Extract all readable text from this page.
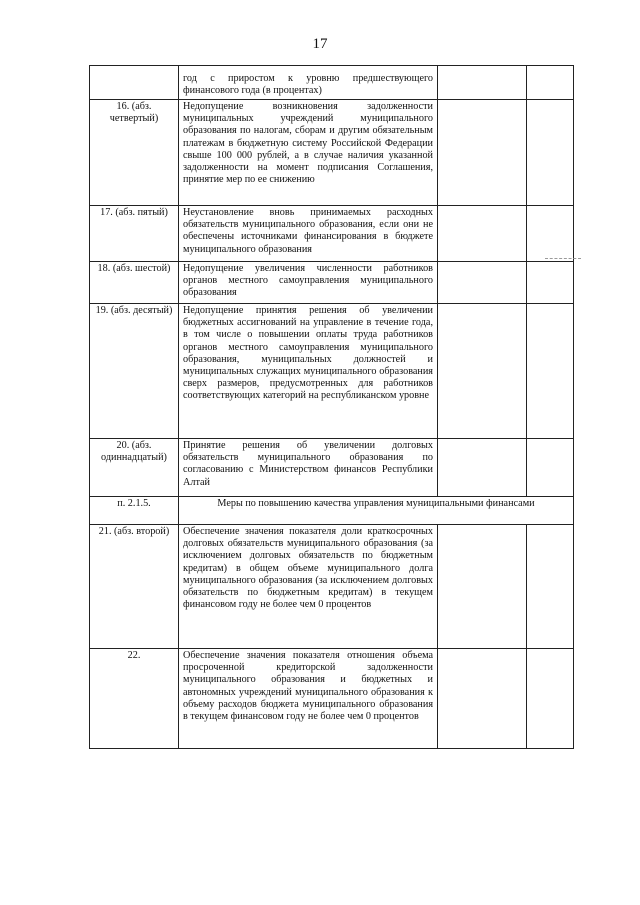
17

	год с приростом к уровню предшествующего финансового года (в процентах)		

16. (абз. четвертый)	Недопущение возникновения задолженности муниципальных учреждений муниципального образования по налогам, сборам и другим обязательным платежам в бюджетную систему Российской Федерации свыше 100 000 рублей, а в случае наличия указанной задолженности на момент подписания Соглашения, принятие мер по ее снижению		

17. (абз. пятый)	Неустановление вновь принимаемых расходных обязательств муниципального образования, если они не обеспечены источниками финансирования в бюджете муниципального образования		

18. (абз. шестой)	Недопущение увеличения численности работников органов местного самоуправления муниципального образования		

19. (абз. десятый)	Недопущение принятия решения об увеличении бюджетных ассигнований на управление в течение года, в том числе о повышении оплаты труда работников органов местного самоуправления муниципального образования, муниципальных должностей и муниципальных служащих муниципального образования сверх размеров, предусмотренных для работников соответствующих категорий на республиканском уровне		

20. (абз. одиннадцатый)	Принятие решения об увеличении долговых обязательств муниципального образования по согласованию с Министерством финансов Республики Алтай		

п. 2.1.5.	Меры по повышению качества управления муниципальными финансами		
21. (абз. второй)	Обеспечение значения показателя доли краткосрочных долговых обязательств муниципального образования (за исключением долговых обязательств по бюджетным кредитам) в общем объеме муниципального долга муниципального образования (за исключением долговых обязательств по бюджетным кредитам) в текущем финансовом году не более чем 0 процентов		

22.	Обеспечение значения показателя отношения объема просроченной кредиторской задолженности муниципального образования и бюджетных и автономных учреждений муниципального образования к объему расходов бюджета муниципального образования в текущем финансовом году не более чем 0 процентов		
